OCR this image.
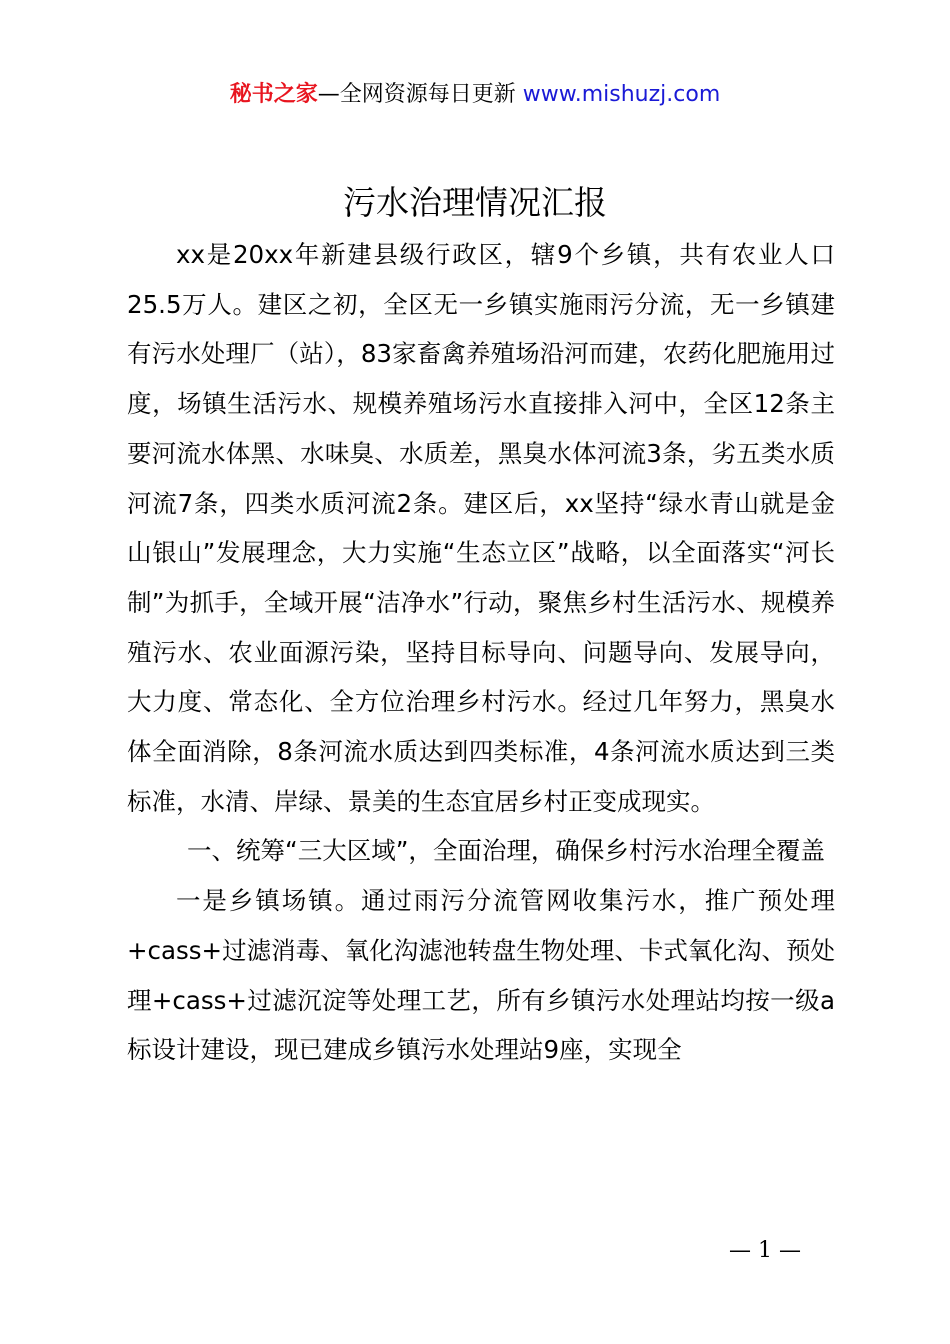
秘书之家—全网资源每日更新 www.mishuzj.com
污水治理情况汇报

xx是20xx年新建县级行政区，辖9个乡镇，共有农业人口25.5万人。建区之初，全区无一乡镇实施雨污分流，无一乡镇建有污水处理厂（站），83家畜禽养殖场沿河而建，农药化肥施用过度，场镇生活污水、规模养殖场污水直接排入河中，全区12条主要河流水体黑、水味臭、水质差，黑臭水体河流3条，劣五类水质河流7条，四类水质河流2条。建区后，xx坚持“绿水青山就是金山银山”发展理念，大力实施“生态立区”战略，以全面落实“河长制”为抓手，全域开展“洁净水”行动，聚焦乡村生活污水、规模养殖污水、农业面源污染，坚持目标导向、问题导向、发展导向，大力度、常态化、全方位治理乡村污水。经过几年努力，黑臭水体全面消除，8条河流水质达到四类标准，4条河流水质达到三类标准，水清、岸绿、景美的生态宜居乡村正变成现实。

一、统筹“三大区域”，全面治理，确保乡村污水治理全覆盖

一是乡镇场镇。通过雨污分流管网收集污水，推广预处理+cass+过滤消毒、氧化沟滤池转盘生物处理、卡式氧化沟、预处理+cass+过滤沉淀等处理工艺，所有乡镇污水处理站均按一级a标设计建设，现已建成乡镇污水处理站9座，实现全

— 1 —
